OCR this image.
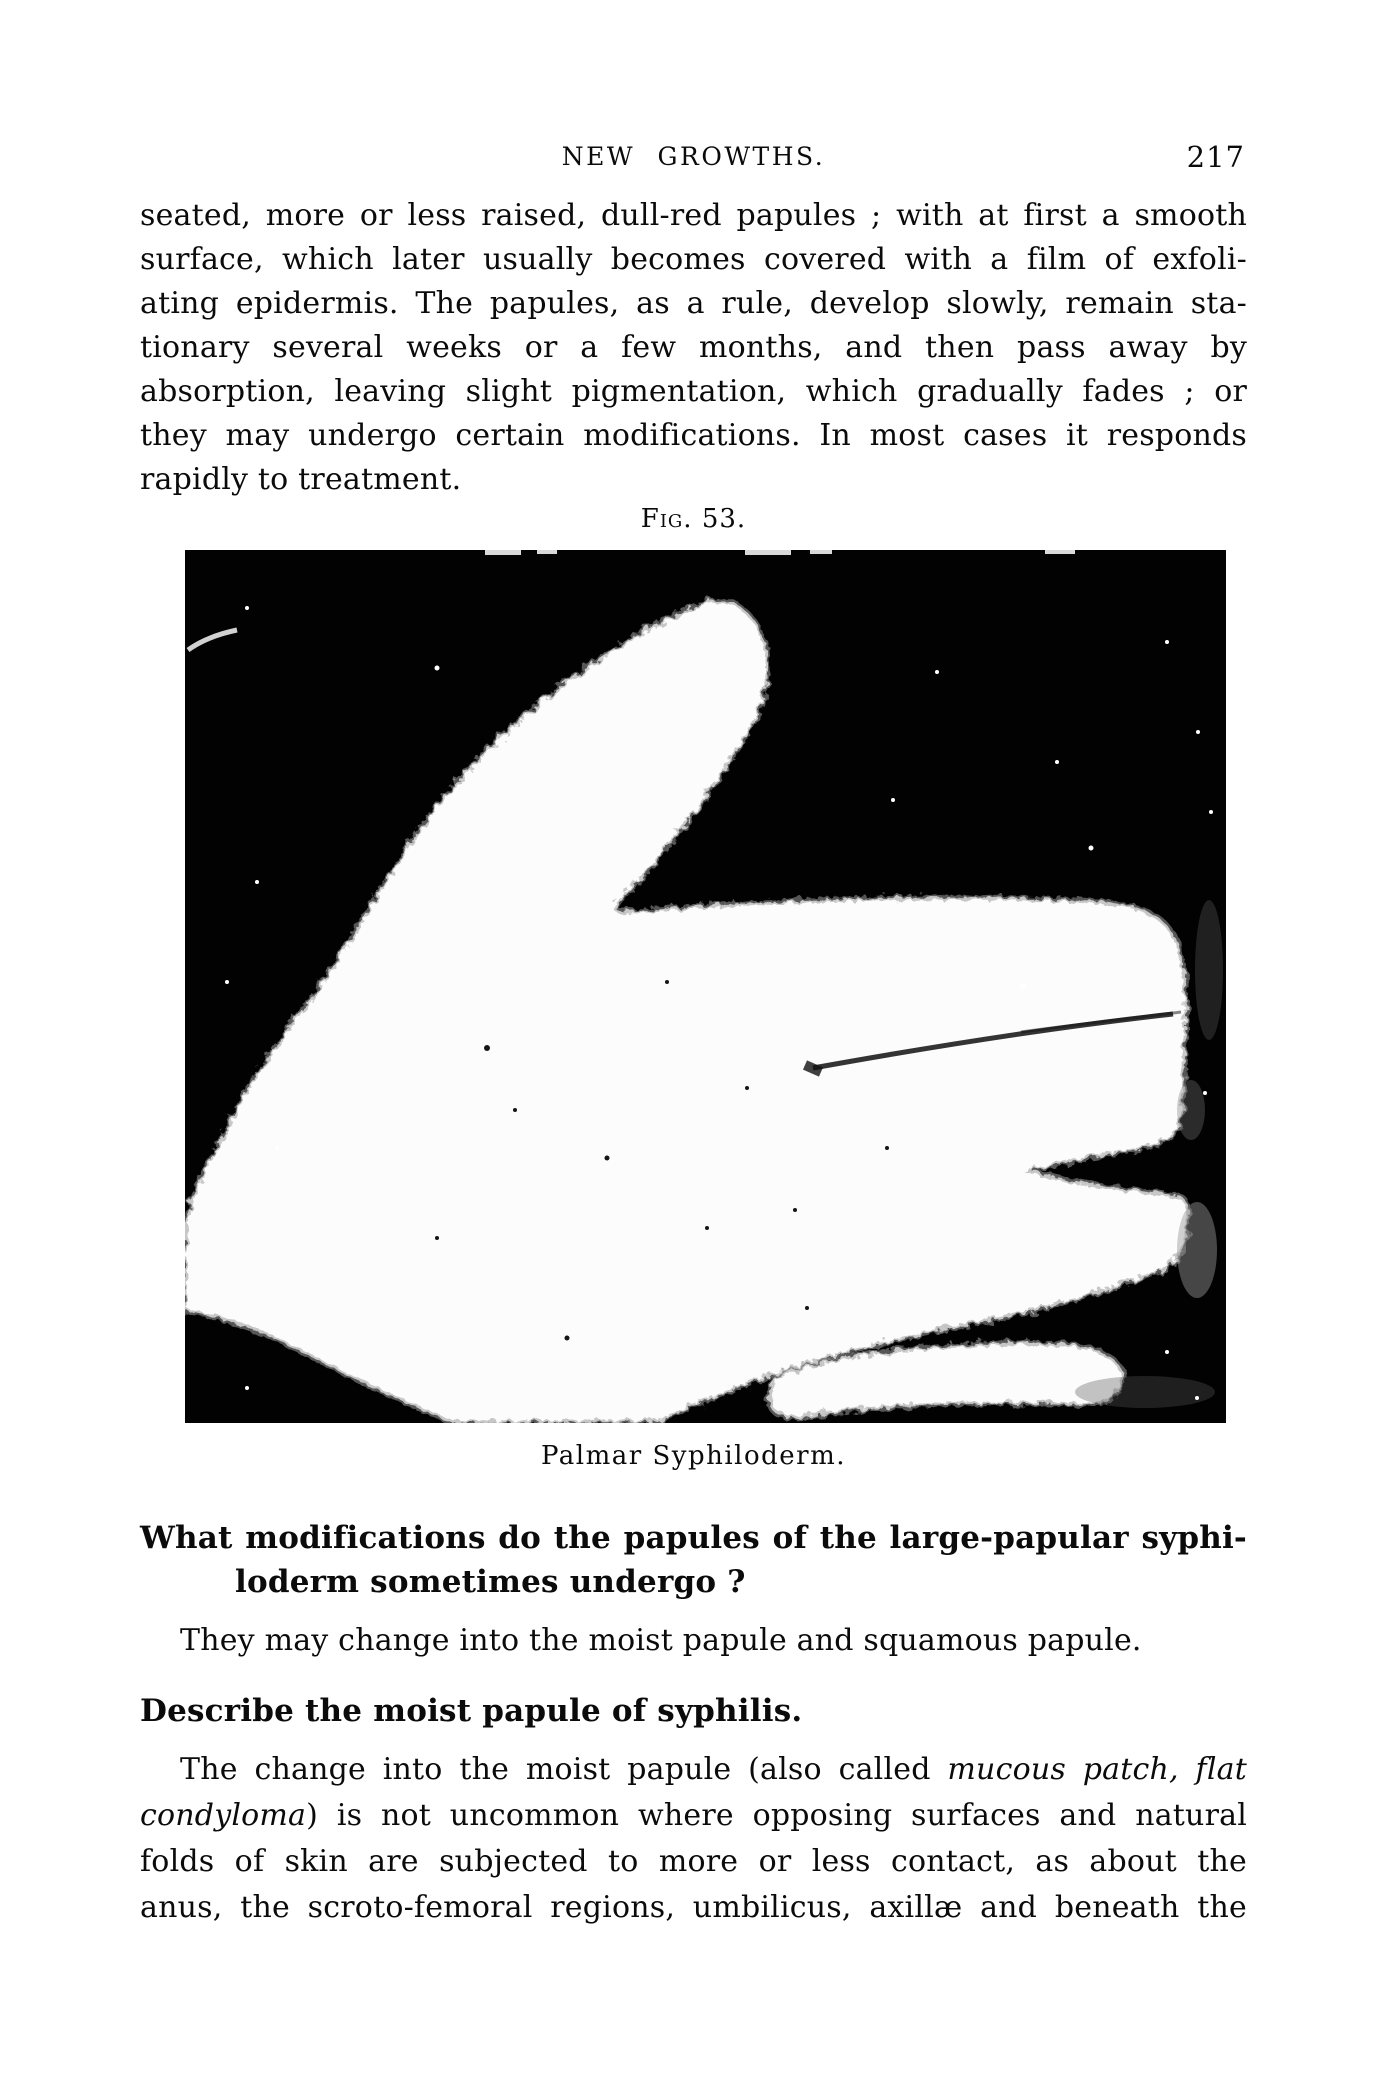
NEW GROWTHS.	217
seated, more or less raised, dull-red papules ; with at first a smooth
surface, which later usually becomes covered with a film of exfoli-
ating epidermis. The papules, as a rule, develop slowly, remain sta-
tionary several weeks or a few months, and then pass away by
absorption, leaving slight pigmentation, which gradually fades ; or
they may undergo certain modifications. In most cases it responds
rapidly to treatment.
Fig. 53.
Palmar Syphiloderm.
What modifications do the papules of the large-papular syphi-
loderm sometimes undergo ?
They may change into the moist papule and squamous papule.
Describe the moist papule of syphilis.
The change into the moist papule (also called mucous patch, flat
condyloma) is not uncommon where opposing surfaces and natural
folds of skin are subjected to more or less contact, as about the
anus, the scroto-femoral regions, umbilicus, axillæ and beneath the
